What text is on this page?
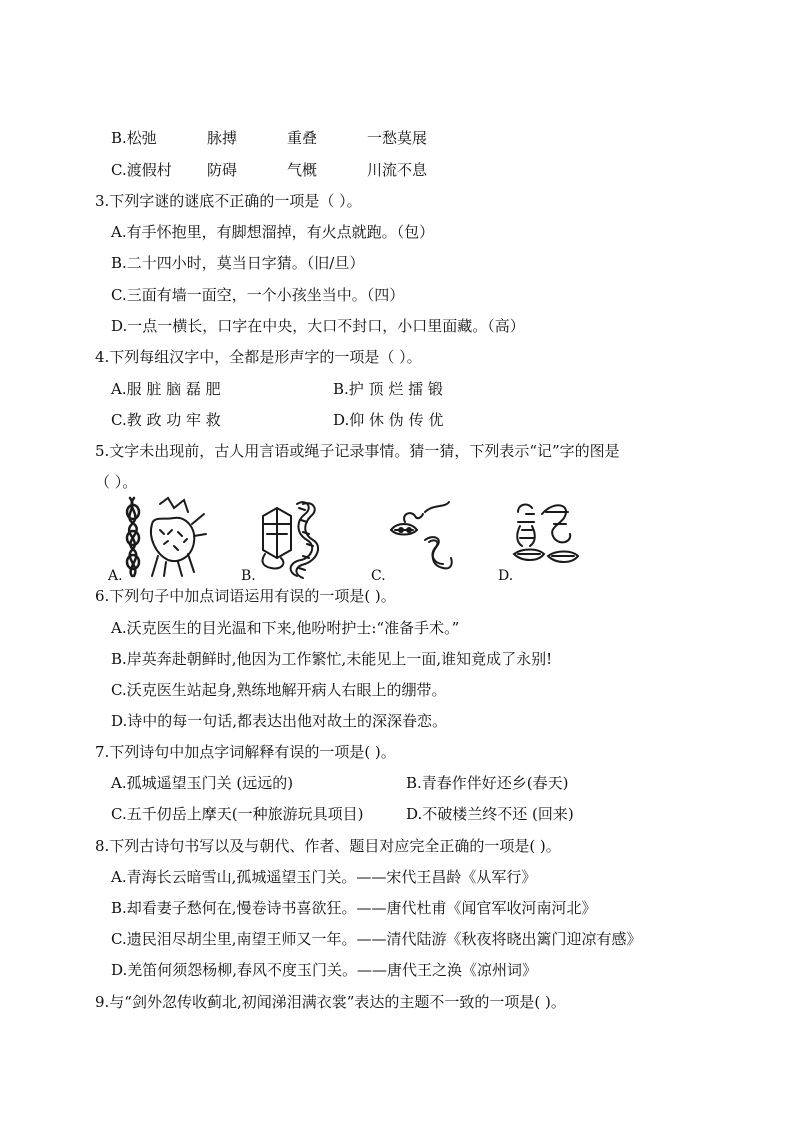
B.松弛	脉搏	重叠	一愁莫展
C.渡假村 防碍	气概	川流不息
3.下列字谜的谜底不正确的一项是（ ）。
A.有手怀抱里，有脚想溜掉，有火点就跑。（包）
B.二十四小时，莫当日字猜。（旧/旦）
C.三面有墙一面空，一个小孩坐当中。（四）
D.一点一横长，口字在中央，大口不封口，小口里面藏。（高）
4.下列每组汉字中，全都是形声字的一项是（ ）。
A.服 脏 脑 磊 肥	B.护 顶 烂 擂 锻
C.教 政 功 牢 救	D.仰 休 伪 传 优
5.文字未出现前，古人用言语或绳子记录事情。猜一猜，下列表示“记”字的图是
（ ）。
A.	B.	C.	D.
6.下列句子中加点词语运用有误的一项是( )。
A.沃克医生的目光温和下来,他吩咐护士:“准备手术。”
B.岸英奔赴朝鲜时,他因为工作繁忙,未能见上一面,谁知竟成了永别!
C.沃克医生站起身,熟练地解开病人右眼上的绷带。
D.诗中的每一句话,都表达出他对故土的深深眷恋。
7.下列诗句中加点字词解释有误的一项是( )。
A.孤城遥望玉门关 (远远的)	B.青春作伴好还乡(春天)
C.五千仞岳上摩天(一种旅游玩具项目)	D.不破楼兰终不还 (回来)
8.下列古诗句书写以及与朝代、作者、题目对应完全正确的一项是( )。
A.青海长云暗雪山,孤城遥望玉门关。——宋代王昌龄《从军行》
B.却看妻子愁何在,慢卷诗书喜欲狂。——唐代杜甫《闻官军收河南河北》
C.遗民泪尽胡尘里,南望王师又一年。——清代陆游《秋夜将晓出篱门迎凉有感》
D.羌笛何须怨杨柳,春风不度玉门关。——唐代王之涣《凉州词》
9.与“剑外忽传收蓟北,初闻涕泪满衣裳”表达的主题不一致的一项是( )。
